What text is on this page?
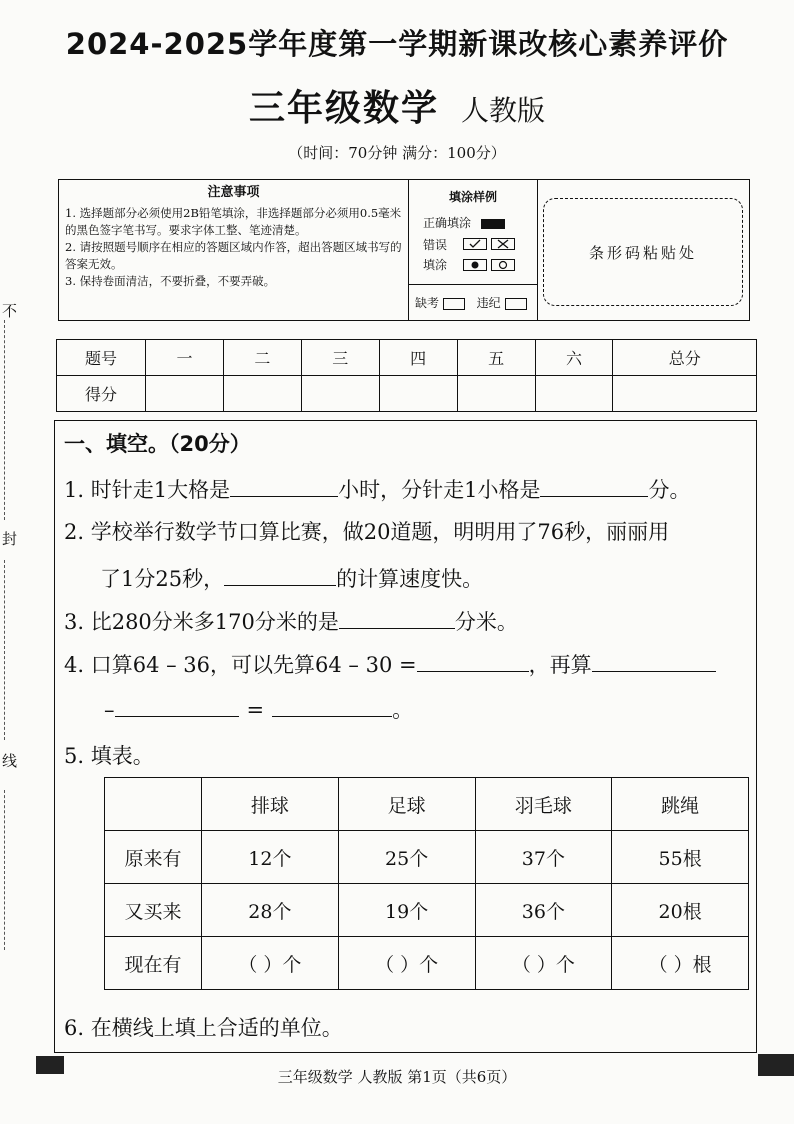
2024-2025学年度第一学期新课改核心素养评价
三年级数学 人教版
（时间：70分钟 满分：100分）
注意事项
1. 选择题部分必须使用2B铅笔填涂，非选择题部分必须用0.5毫米的黑色签字笔书写。要求字体工整、笔迹清楚。
2. 请按照题号顺序在相应的答题区域内作答，超出答题区域书写的答案无效。
3. 保持卷面清洁，不要折叠，不要弄破。
填涂样例
正确填涂
错误
填涂

缺考	违纪
条形码粘贴处
题号	一	二	三	四	五	六	总分
得分							
一、填空。（20分）
1. 时针走1大格是	小时，分针走1小格是	分。
2. 学校举行数学节口算比赛，做20道题，明明用了76秒，丽丽用
了1分25秒，	的计算速度快。
3. 比280分米多170分米的是	分米。
4. 口算64 – 36，可以先算64 – 30 =	，再算
–	=	。
5. 填表。
	排球	足球	羽毛球	跳绳
原来有	12个	25个	37个	55根
又买来	28个	19个	36个	20根
现在有	（ ）个	（ ）个	（ ）个	（ ）根
6. 在横线上填上合适的单位。
不
封
线
三年级数学 人教版 第1页（共6页）
